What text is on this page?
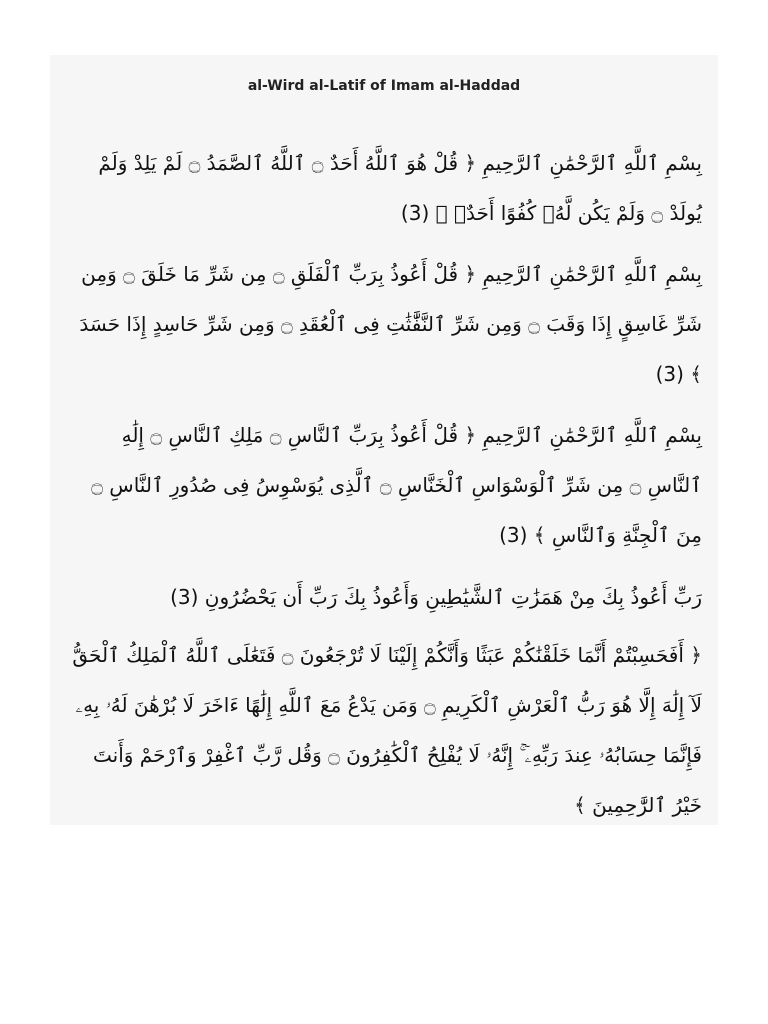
al-Wird al-Latif of Imam al-Haddad

بِسْمِ ٱللَّهِ ٱلرَّحْمَٰنِ ٱلرَّحِيمِ ﴿ قُلْ هُوَ ٱللَّهُ أَحَدٌ ۝ ٱللَّهُ ٱلصَّمَدُ ۝ لَمْ يَلِدْ وَلَمْ يُولَدْ ۝ وَلَمْ يَكُن لَّهُۥ كُفُوًا أَحَدٌۢ ﴾ (3)

بِسْمِ ٱللَّهِ ٱلرَّحْمَٰنِ ٱلرَّحِيمِ ﴿ قُلْ أَعُوذُ بِرَبِّ ٱلْفَلَقِ ۝ مِن شَرِّ مَا خَلَقَ ۝ وَمِن شَرِّ غَاسِقٍ إِذَا وَقَبَ ۝ وَمِن شَرِّ ٱلنَّفَّٰثَٰتِ فِى ٱلْعُقَدِ ۝ وَمِن شَرِّ حَاسِدٍ إِذَا حَسَدَ ﴾ (3)

بِسْمِ ٱللَّهِ ٱلرَّحْمَٰنِ ٱلرَّحِيمِ ﴿ قُلْ أَعُوذُ بِرَبِّ ٱلنَّاسِ ۝ مَلِكِ ٱلنَّاسِ ۝ إِلَٰهِ ٱلنَّاسِ ۝ مِن شَرِّ ٱلْوَسْوَاسِ ٱلْخَنَّاسِ ۝ ٱلَّذِى يُوَسْوِسُ فِى صُدُورِ ٱلنَّاسِ ۝ مِنَ ٱلْجِنَّةِ وَٱلنَّاسِ ﴾ (3)

رَبِّ أَعُوذُ بِكَ مِنْ هَمَزَٰتِ ٱلشَّيَٰطِينِ وَأَعُوذُ بِكَ رَبِّ أَن يَحْضُرُونِ (3)

﴿ أَفَحَسِبْتُمْ أَنَّمَا خَلَقْنَٰكُمْ عَبَثًا وَأَنَّكُمْ إِلَيْنَا لَا تُرْجَعُونَ ۝ فَتَعَٰلَى ٱللَّهُ ٱلْمَلِكُ ٱلْحَقُّ لَآ إِلَٰهَ إِلَّا هُوَ رَبُّ ٱلْعَرْشِ ٱلْكَرِيمِ ۝ وَمَن يَدْعُ مَعَ ٱللَّهِ إِلَٰهًا ءَاخَرَ لَا بُرْهَٰنَ لَهُۥ بِهِۦ فَإِنَّمَا حِسَابُهُۥ عِندَ رَبِّهِۦٓ ۚ إِنَّهُۥ لَا يُفْلِحُ ٱلْكَٰفِرُونَ ۝ وَقُل رَّبِّ ٱغْفِرْ وَٱرْحَمْ وَأَنتَ خَيْرُ ٱلرَّٰحِمِينَ ﴾
